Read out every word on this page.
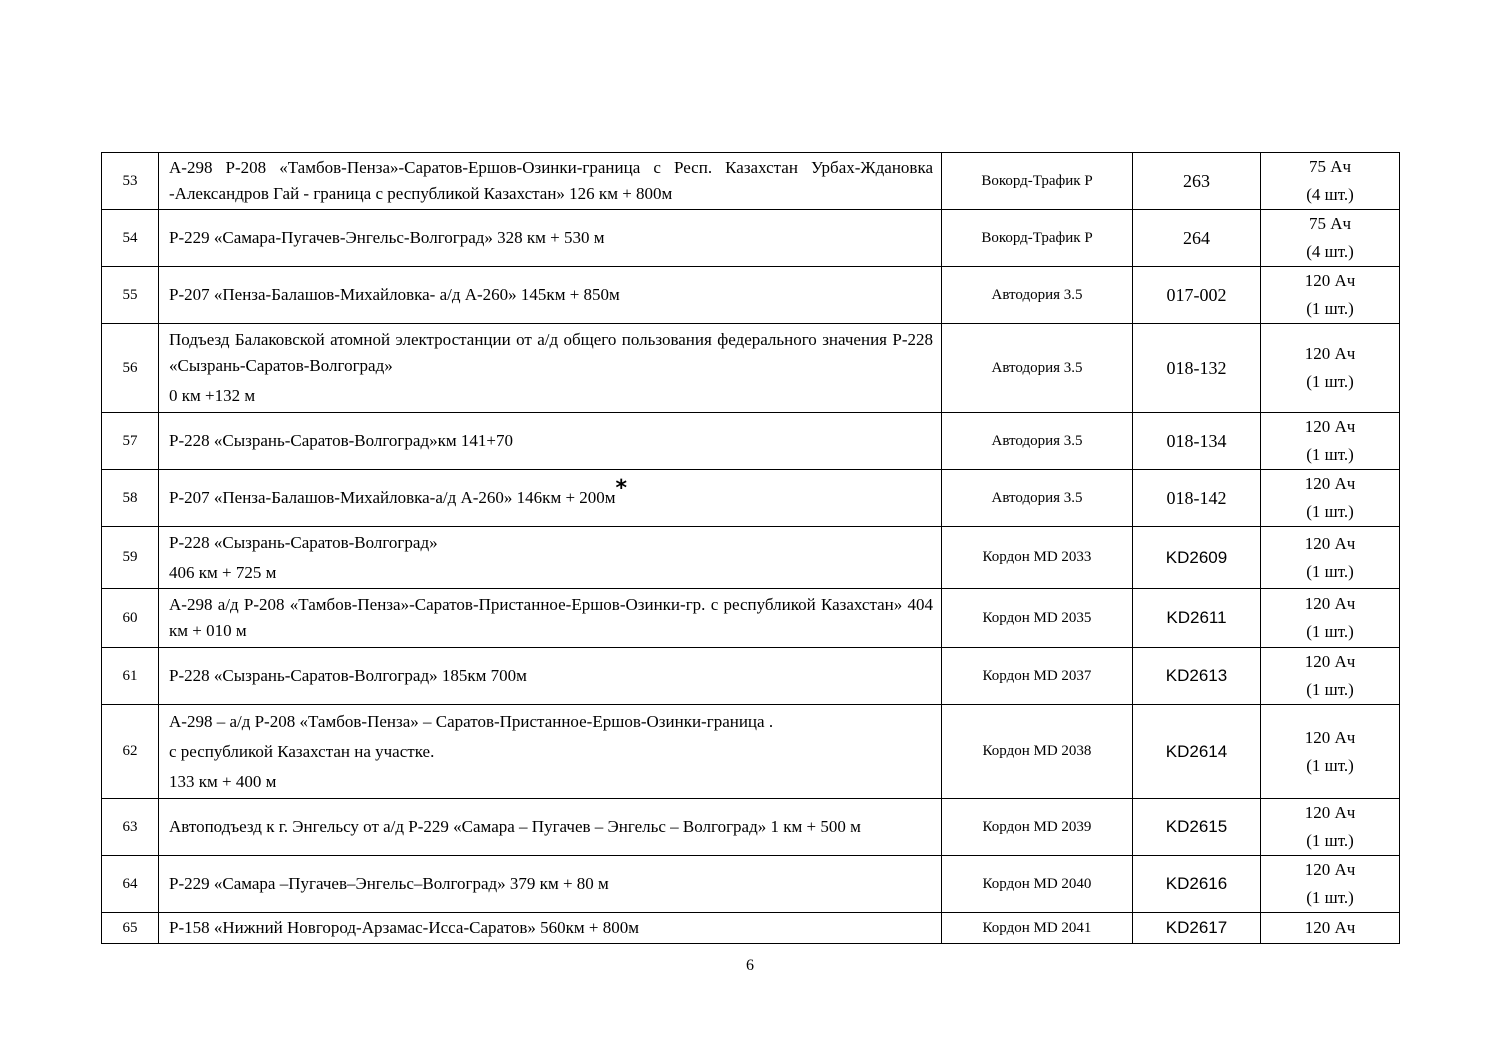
53	А-298 Р-208 «Тамбов-Пенза»-Саратов-Ершов-Озинки-граница с Респ. Казахстан Урбах-Ждановка -Александров Гай - граница с республикой Казахстан» 126 км + 800м	Вокорд-Трафик Р	263	75 Ач
(4 шт.)

54	Р-229 «Самара-Пугачев-Энгельс-Волгоград» 328 км + 530 м	Вокорд-Трафик Р	264	75 Ач
(4 шт.)

55	Р-207 «Пенза-Балашов-Михайловка- а/д А-260» 145км + 850м	Автодория 3.5	017-002	120 Ач
(1 шт.)

56	Подъезд Балаковской атомной электростанции от а/д общего пользования федерального значения Р-228 «Сызрань-Саратов-Волгоград»
0 км +132 м	Автодория 3.5	018-132	120 Ач
(1 шт.)

57	Р-228 «Сызрань-Саратов-Волгоград»км 141+70	Автодория 3.5	018-134	120 Ач
(1 шт.)

58	Р-207 «Пенза-Балашов-Михайловка-а/д А-260» 146км + 200м*	Автодория 3.5	018-142	120 Ач
(1 шт.)

59	Р-228 «Сызрань-Саратов-Волгоград»
406 км + 725 м	Кордон MD 2033	KD2609	120 Ач
(1 шт.)

60	А-298 а/д Р-208 «Тамбов-Пенза»-Саратов-Пристанное-Ершов-Озинки-гр. с республикой Казахстан» 404 км + 010 м	Кордон MD 2035	KD2611	120 Ач
(1 шт.)

61	Р-228 «Сызрань-Саратов-Волгоград» 185км 700м	Кордон MD 2037	KD2613	120 Ач
(1 шт.)

62	А-298 – а/д Р-208 «Тамбов-Пенза» – Саратов-Пристанное-Ершов-Озинки-граница .
с республикой Казахстан на участке.
133 км + 400 м	Кордон MD 2038	KD2614	120 Ач
(1 шт.)

63	Автоподъезд к г. Энгельсу от а/д Р-229 «Самара – Пугачев – Энгельс – Волгоград» 1 км + 500 м	Кордон MD 2039	KD2615	120 Ач
(1 шт.)

64	Р-229 «Самара –Пугачев–Энгельс–Волгоград» 379 км + 80 м	Кордон MD 2040	KD2616	120 Ач
(1 шт.)

65	Р-158 «Нижний Новгород-Арзамас-Исса-Саратов» 560км + 800м	Кордон MD 2041	KD2617	120 Ач
6
